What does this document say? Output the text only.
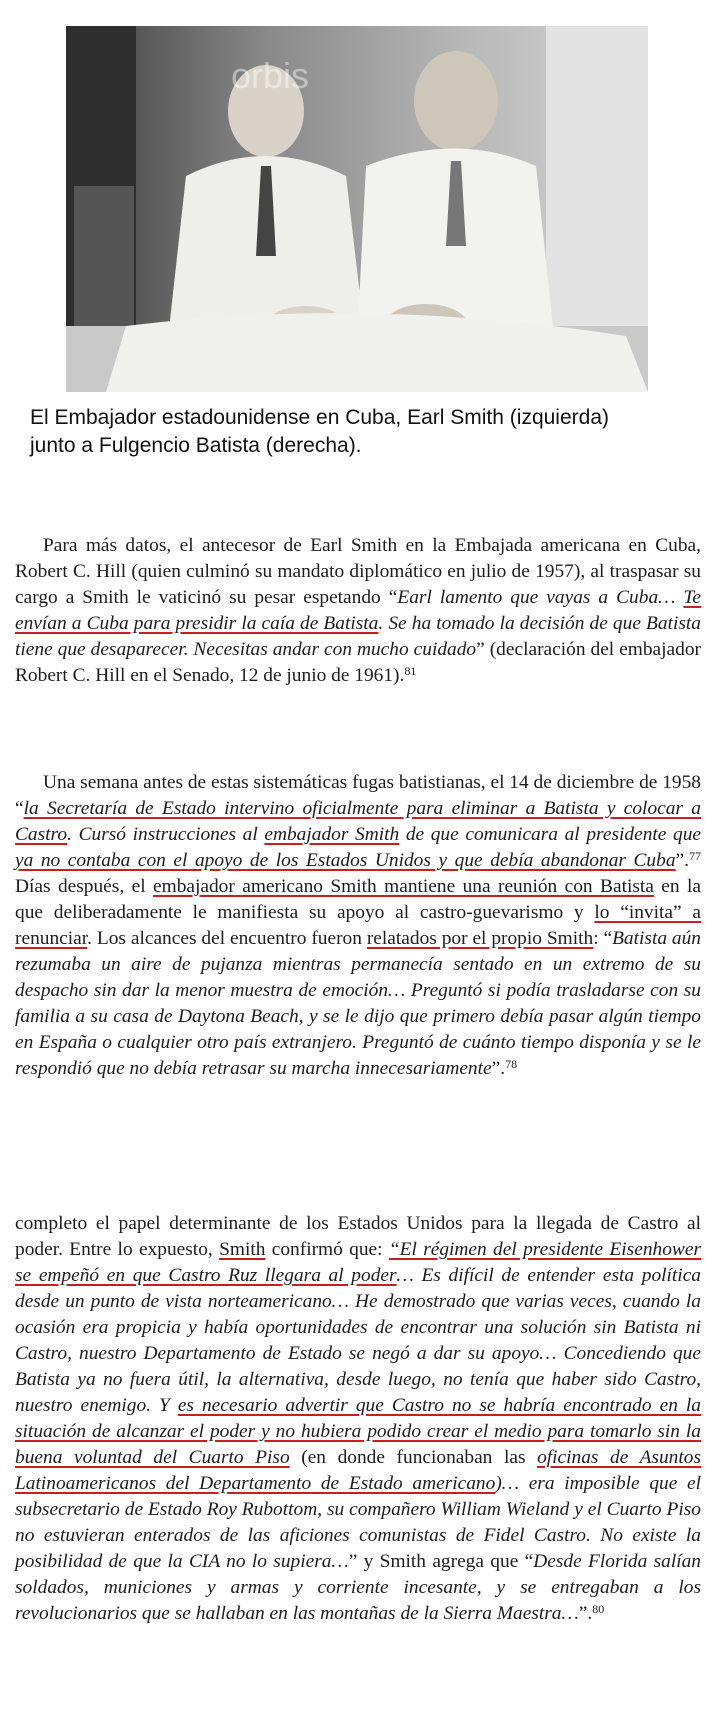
orbis
El Embajador estadounidense en Cuba, Earl Smith (izquierda)
junto a Fulgencio Batista (derecha).

Para más datos, el antecesor de Earl Smith en la Embajada americana en Cuba, Robert C. Hill (quien culminó su mandato diplomático en julio de 1957), al traspasar su cargo a Smith le vaticinó su pesar espetando “Earl lamento que vayas a Cuba… Te envían a Cuba para presidir la caía de Batista. Se ha tomado la decisión de que Batista tiene que desaparecer. Necesitas andar con mucho cuidado” (declaración del embajador Robert C. Hill en el Senado, 12 de junio de 1961).$^{81}$

Una semana antes de estas sistemáticas fugas batistianas, el 14 de diciembre de 1958 “la Secretaría de Estado intervino oficialmente para eliminar a Batista y colocar a Castro. Cursó instrucciones al embajador Smith de que comunicara al presidente que ya no contaba con el apoyo de los Estados Unidos y que debía abandonar Cuba”.$^{77}$ Días después, el embajador americano Smith mantiene una reunión con Batista en la que deliberadamente le manifiesta su apoyo al castro-guevarismo y lo “invita” a renunciar. Los alcances del encuentro fueron relatados por el propio Smith: “Batista aún rezumaba un aire de pujanza mientras permanecía sentado en un extremo de su despacho sin dar la menor muestra de emoción… Preguntó si podía trasladarse con su familia a su casa de Daytona Beach, y se le dijo que primero debía pasar algún tiempo en España o cualquier otro país extranjero. Preguntó de cuánto tiempo disponía y se le respondió que no debía retrasar su marcha innecesariamente”.$^{78}$

completo el papel determinante de los Estados Unidos para la llegada de Castro al poder. Entre lo expuesto, Smith confirmó que: “El régimen del presidente Eisenhower se empeñó en que Castro Ruz llegara al poder… Es difícil de entender esta política desde un punto de vista norteamericano… He demostrado que varias veces, cuando la ocasión era propicia y había oportunidades de encontrar una solución sin Batista ni Castro, nuestro Departamento de Estado se negó a dar su apoyo… Concediendo que Batista ya no fuera útil, la alternativa, desde luego, no tenía que haber sido Castro, nuestro enemigo. Y es necesario advertir que Castro no se habría encontrado en la situación de alcanzar el poder y no hubiera podido crear el medio para tomarlo sin la buena voluntad del Cuarto Piso (en donde funcionaban las oficinas de Asuntos Latinoamericanos del Departamento de Estado americano)… era imposible que el subsecretario de Estado Roy Rubottom, su compañero William Wieland y el Cuarto Piso no estuvieran enterados de las aficiones comunistas de Fidel Castro. No existe la posibilidad de que la CIA no lo supiera…” y Smith agrega que “Desde Florida salían soldados, municiones y armas y corriente incesante, y se entregaban a los revolucionarios que se hallaban en las montañas de la Sierra Maestra…”.$^{80}$
